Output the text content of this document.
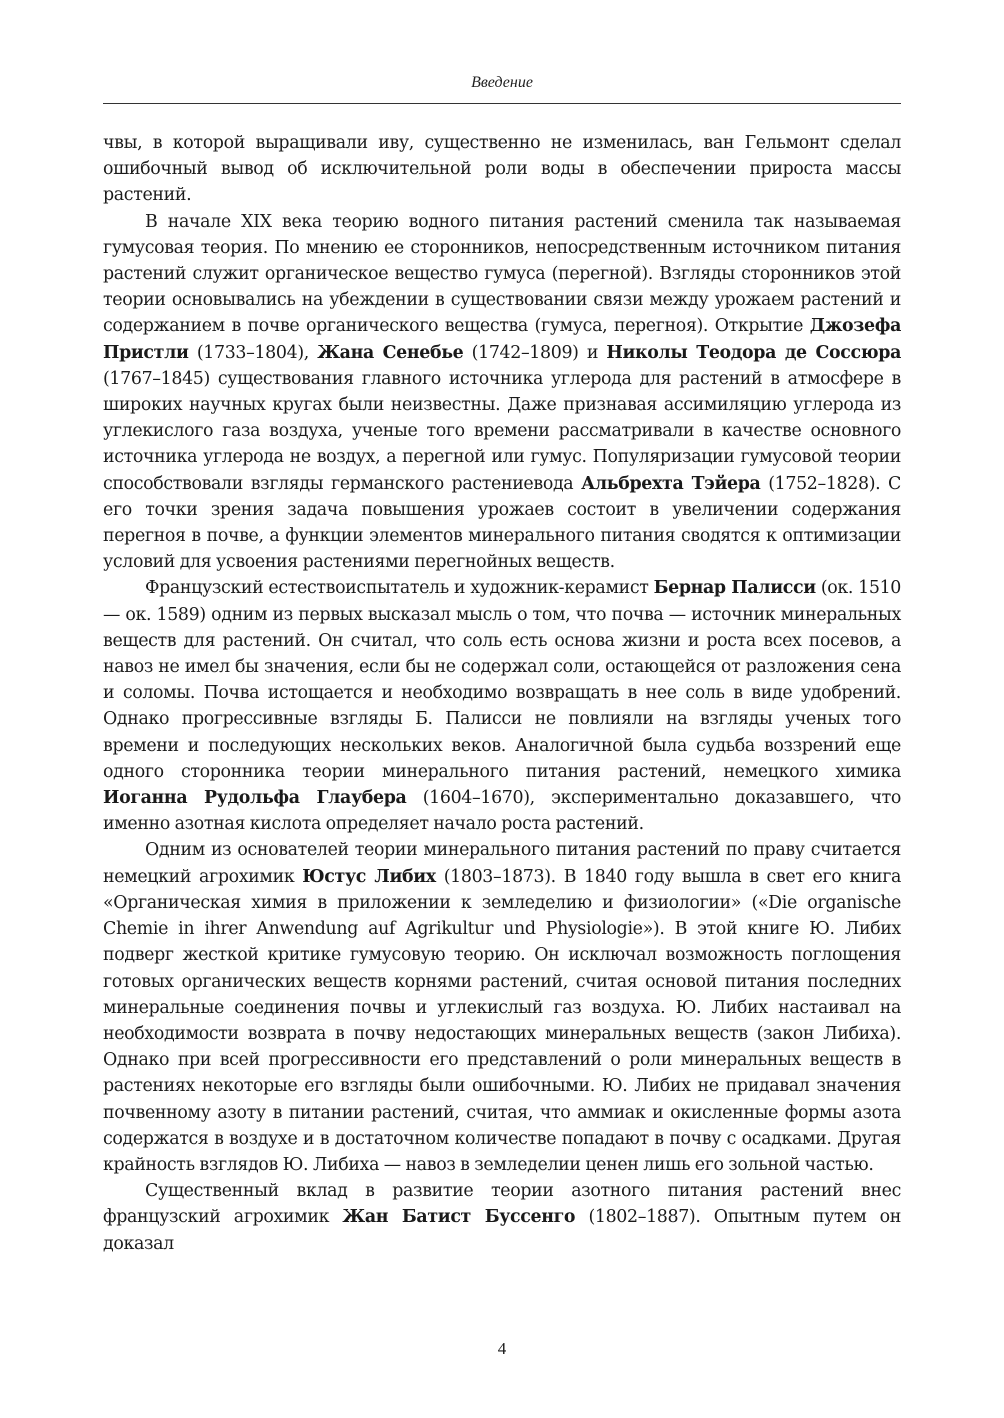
Введение

чвы, в которой выращивали иву, существенно не изменилась, ван Гельмонт сделал ошибочный вывод об исключительной роли воды в обеспечении прироста массы растений.

В начале XIX века теорию водного питания растений сменила так называемая гумусовая теория. По мнению ее сторонников, непосредственным источником питания растений служит органическое вещество гумуса (перегной). Взгляды сторонников этой теории основывались на убеждении в существовании связи между урожаем растений и содержанием в почве органического вещества (гумуса, перегноя). Открытие Джозефа Пристли (1733–1804), Жана Сенебье (1742–1809) и Николы Теодора де Соссюра (1767–1845) существования главного источника углерода для растений в атмосфере в широких научных кругах были неизвестны. Даже признавая ассимиляцию углерода из углекислого газа воздуха, ученые того времени рассматривали в качестве основного источника углерода не воздух, а перегной или гумус. Популяризации гумусовой теории способствовали взгляды германского растениевода Альбрехта Тэйера (1752–1828). С его точки зрения задача повышения урожаев состоит в увеличении содержания перегноя в почве, а функции элементов минерального питания сводятся к оптимизации условий для усвоения растениями перегнойных веществ.

Французский естествоиспытатель и художник-керамист Бернар Палисси (ок. 1510 — ок. 1589) одним из первых высказал мысль о том, что почва — источник минеральных веществ для растений. Он считал, что соль есть основа жизни и роста всех посевов, а навоз не имел бы значения, если бы не содержал соли, остающейся от разложения сена и соломы. Почва истощается и необходимо возвращать в нее соль в виде удобрений. Однако прогрессивные взгляды Б. Палисси не повлияли на взгляды ученых того времени и последующих нескольких веков. Аналогичной была судьба воззрений еще одного сторонника теории минерального питания растений, немецкого химика Иоганна Рудольфа Глаубера (1604–1670), экспериментально доказавшего, что именно азотная кислота определяет начало роста растений.

Одним из основателей теории минерального питания растений по праву считается немецкий агрохимик Юстус Либих (1803–1873). В 1840 году вышла в свет его книга «Органическая химия в приложении к земледелию и физиологии» («Die organische Chemie in ihrer Anwendung auf Agrikultur und Physiologie»). В этой книге Ю. Либих подверг жесткой критике гумусовую теорию. Он исключал возможность поглощения готовых органических веществ корнями растений, считая основой питания последних минеральные соединения почвы и углекислый газ воздуха. Ю. Либих настаивал на необходимости возврата в почву недостающих минеральных веществ (закон Либиха). Однако при всей прогрессивности его представлений о роли минеральных веществ в растениях некоторые его взгляды были ошибочными. Ю. Либих не придавал значения почвенному азоту в питании растений, считая, что аммиак и окисленные формы азота содержатся в воздухе и в достаточном количестве попадают в почву с осадками. Другая крайность взглядов Ю. Либиха — навоз в земледелии ценен лишь его зольной частью.

Существенный вклад в развитие теории азотного питания растений внес французский агрохимик Жан Батист Буссенго (1802–1887). Опытным путем он доказал

4
